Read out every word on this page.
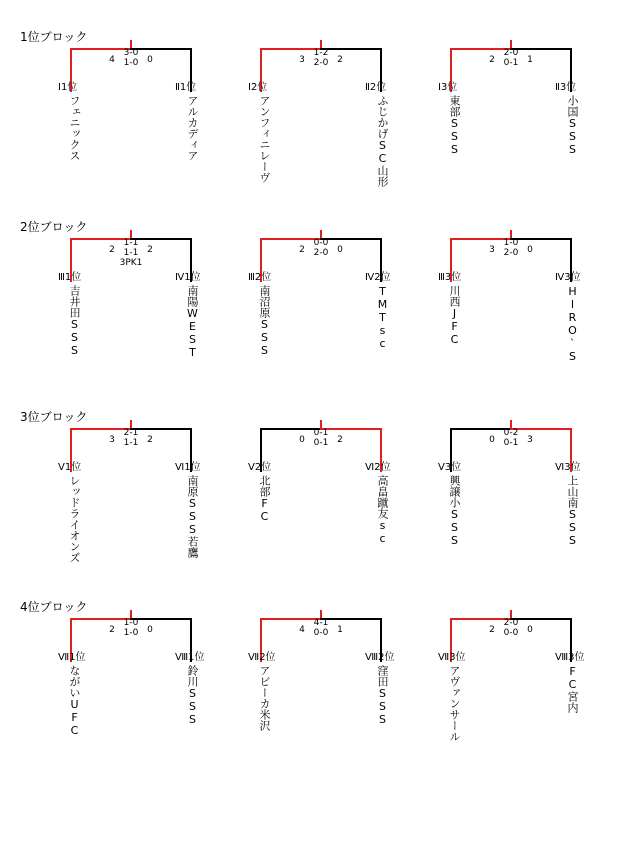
1位ブロック
4	0
3-0
1-0
Ⅰ1位	Ⅱ1位
フェニックス	アルカディア
3	2
1-2
2-0
Ⅰ2位	Ⅱ2位
アンフィニレーヴ	ふじかげSC山形
2	1
2-0
0-1
Ⅰ3位	Ⅱ3位
東部SSS	小国SSS
2位ブロック
2	2
1-1
1-1
3PK1
Ⅲ1位	Ⅳ1位
吉井田SSS	南陽WEST
2	0
0-0
2-0
Ⅲ2位	Ⅳ2位
南沼原SSS	TMTsc
3	0
1-0
2-0
Ⅲ3位	Ⅳ3位
川西JFC	HIRO`S
3位ブロック
3	2
2-1
1-1
Ⅴ1位	Ⅵ1位
レッドライオンズ	南原SSS若鷹
0	2
0-1
0-1
Ⅴ2位	Ⅵ2位
北部FC	高畠蹴友sc
0	3
0-2
0-1
Ⅴ3位	Ⅵ3位
興譲小SSS	上山南SSS
4位ブロック
2	0
1-0
1-0
Ⅶ1位	Ⅷ1位
ながいUFC	鈴川SSS
4	1
4-1
0-0
Ⅶ2位	Ⅷ2位
アビーカ米沢	窪田SSS
2	0
2-0
0-0
Ⅶ3位	Ⅷ3位
アヴァンサール	FC宮内
